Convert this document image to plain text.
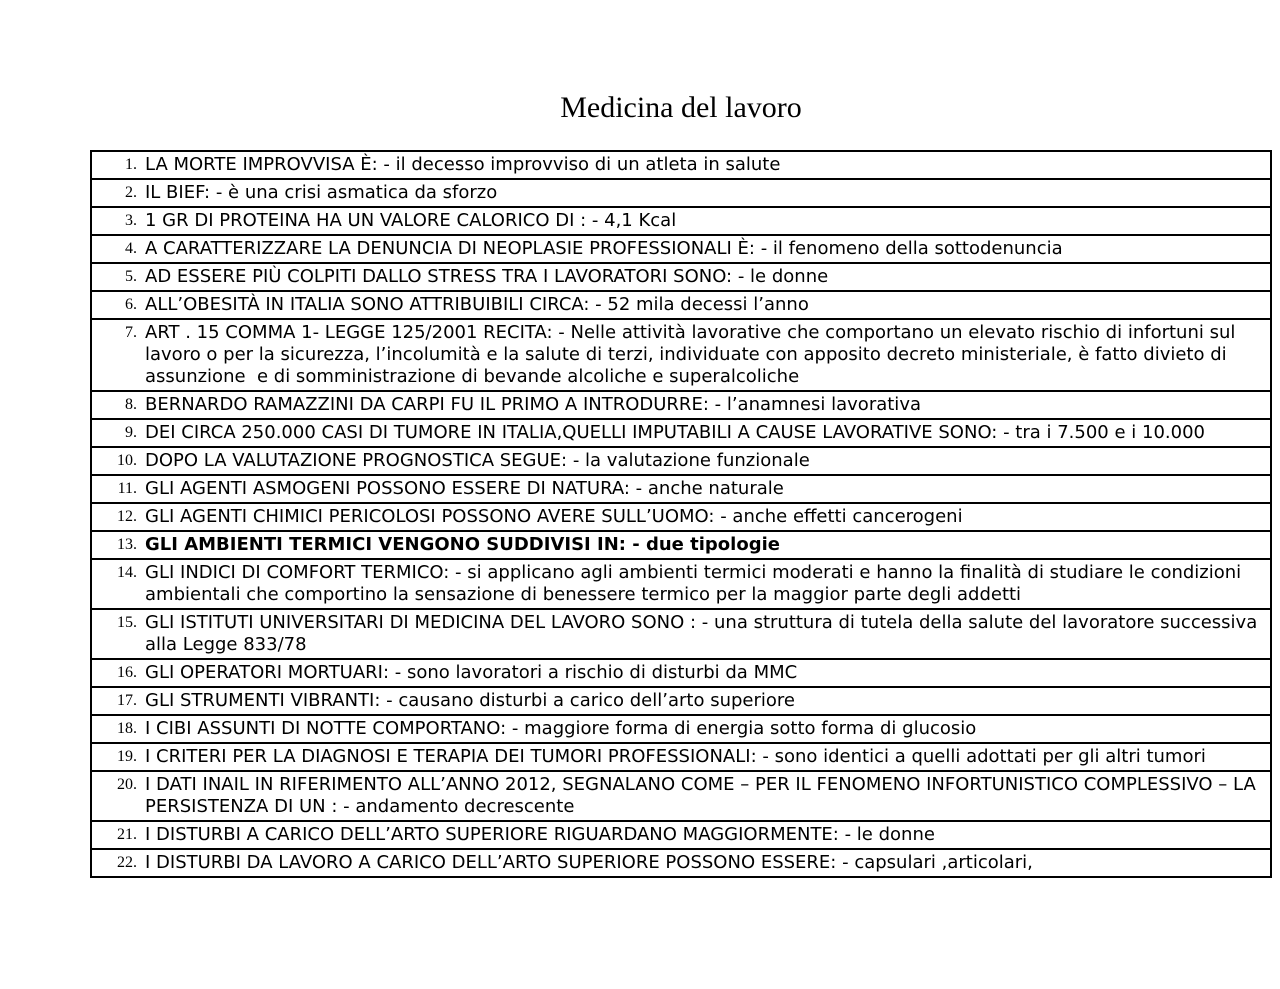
Medicina del lavoro
1. LA MORTE IMPROVVISA È: - il decesso improvviso di un atleta in salute

2. IL BIEF: - è una crisi asmatica da sforzo

3. 1 GR DI PROTEINA HA UN VALORE CALORICO DI : - 4,1 Kcal

4. A CARATTERIZZARE LA DENUNCIA DI NEOPLASIE PROFESSIONALI È: - il fenomeno della sottodenuncia

5. AD ESSERE PIÙ COLPITI DALLO STRESS TRA I LAVORATORI SONO: - le donne

6. ALL’OBESITÀ IN ITALIA SONO ATTRIBUIBILI CIRCA: - 52 mila decessi l’anno

7. ART . 15 COMMA 1- LEGGE 125/2001 RECITA: - Nelle attività lavorative che comportano un elevato rischio di infortuni sul lavoro o per la sicurezza, l’incolumità e la salute di terzi, individuate con apposito decreto ministeriale, è fatto divieto di assunzione  e di somministrazione di bevande alcoliche e superalcoliche

8. BERNARDO RAMAZZINI DA CARPI FU IL PRIMO A INTRODURRE: - l’anamnesi lavorativa

9. DEI CIRCA 250.000 CASI DI TUMORE IN ITALIA,QUELLI IMPUTABILI A CAUSE LAVORATIVE SONO: - tra i 7.500 e i 10.000

10. DOPO LA VALUTAZIONE PROGNOSTICA SEGUE: - la valutazione funzionale

11. GLI AGENTI ASMOGENI POSSONO ESSERE DI NATURA: - anche naturale

12. GLI AGENTI CHIMICI PERICOLOSI POSSONO AVERE SULL’UOMO: - anche effetti cancerogeni

13. GLI AMBIENTI TERMICI VENGONO SUDDIVISI IN: - due tipologie

14. GLI INDICI DI COMFORT TERMICO: - si applicano agli ambienti termici moderati e hanno la finalità di studiare le condizioni ambientali che comportino la sensazione di benessere termico per la maggior parte degli addetti

15. GLI ISTITUTI UNIVERSITARI DI MEDICINA DEL LAVORO SONO : - una struttura di tutela della salute del lavoratore successiva alla Legge 833/78

16. GLI OPERATORI MORTUARI: - sono lavoratori a rischio di disturbi da MMC

17. GLI STRUMENTI VIBRANTI: - causano disturbi a carico dell’arto superiore

18. I CIBI ASSUNTI DI NOTTE COMPORTANO: - maggiore forma di energia sotto forma di glucosio

19. I CRITERI PER LA DIAGNOSI E TERAPIA DEI TUMORI PROFESSIONALI: - sono identici a quelli adottati per gli altri tumori

20. I DATI INAIL IN RIFERIMENTO ALL’ANNO 2012, SEGNALANO COME – PER IL FENOMENO INFORTUNISTICO COMPLESSIVO – LA PERSISTENZA DI UN : - andamento decrescente

21. I DISTURBI A CARICO DELL’ARTO SUPERIORE RIGUARDANO MAGGIORMENTE: - le donne

22. I DISTURBI DA LAVORO A CARICO DELL’ARTO SUPERIORE POSSONO ESSERE: - capsulari ,articolari,
